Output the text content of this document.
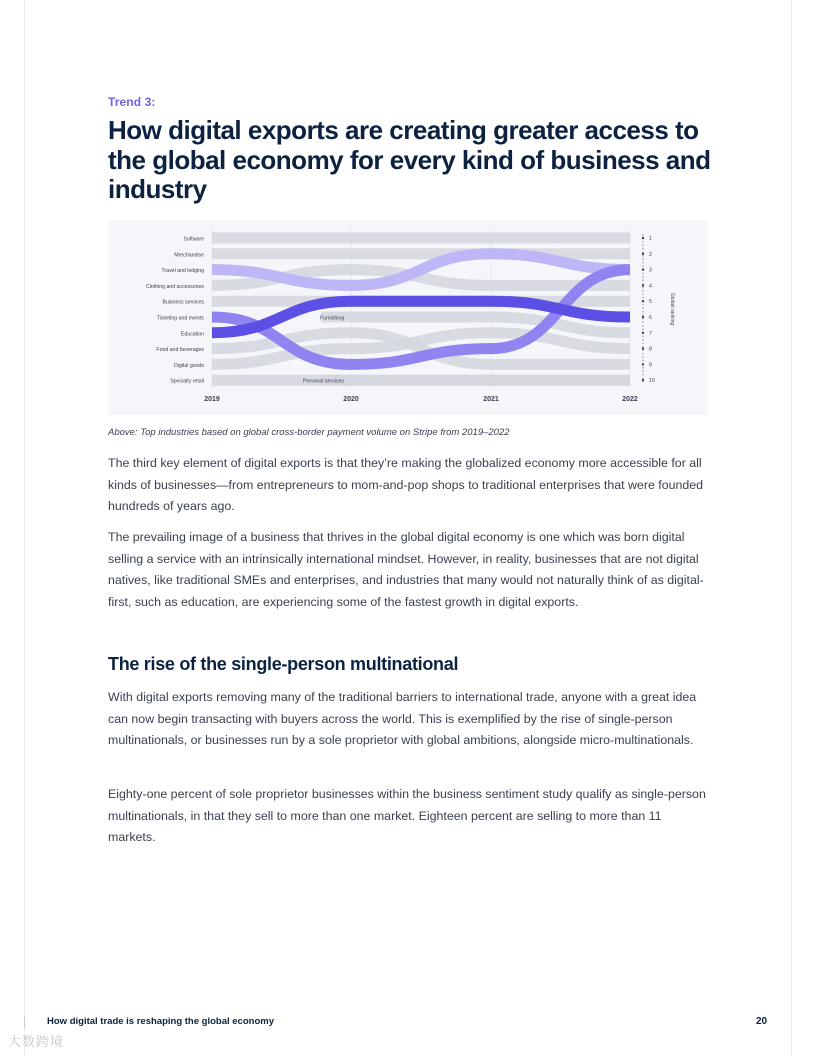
Trend 3:
How digital exports are creating greater access to the global economy for every kind of business and industry
Software
Merchandise
Travel and lodging
Clothing and accessories
Business services
Ticketing and events
Education
Food and beverages
Digital goods
Specialty retail
Furnishing
Personal services
2019	2020	2021	2022
1
2
3
4
5
6
7
8
9
10
Global ranking
Above: Top industries based on global cross-border payment volume on Stripe from 2019–2022

The third key element of digital exports is that they’re making the globalized economy more accessible for all kinds of businesses—from entrepreneurs to mom-and-pop shops to traditional enterprises that were founded hundreds of years ago.

The prevailing image of a business that thrives in the global digital economy is one which was born digital selling a service with an intrinsically international mindset. However, in reality, businesses that are not digital natives, like traditional SMEs and enterprises, and industries that many would not naturally think of as digital-first, such as education, are experiencing some of the fastest growth in digital exports.

The rise of the single-person multinational

With digital exports removing many of the traditional barriers to international trade, anyone with a great idea can now begin transacting with buyers across the world. This is exemplified by the rise of single-person multinationals, or businesses run by a sole proprietor with global ambitions, alongside micro-multinationals.

Eighty-one percent of sole proprietor businesses within the business sentiment study qualify as single-person multinationals, in that they sell to more than one market. Eighteen percent are selling to more than 11 markets.

How digital trade is reshaping the global economy	20
大数跨境
